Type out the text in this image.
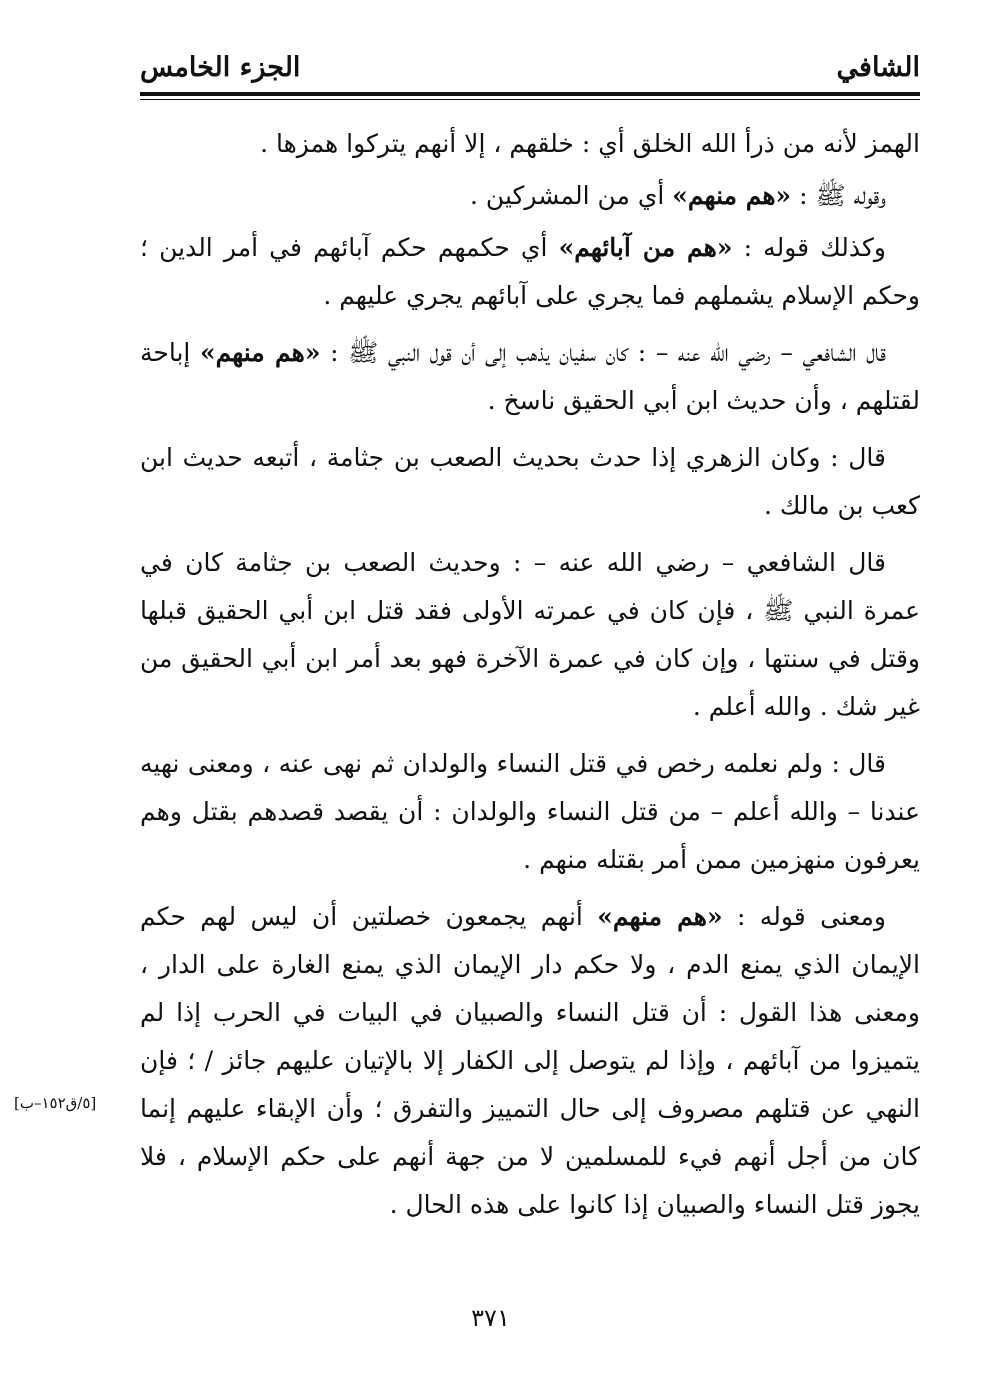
الشافي
الجزء الخامس

الهمز لأنه من ذرأ الله الخلق أي : خلقهم ، إلا أنهم يتركوا همزها .

وقوله ﷺ : «هم منهم» أي من المشركين .

وكذلك قوله : «هم من آبائهم» أي حكمهم حكم آبائهم في أمر الدين ؛ وحكم الإسلام يشملهم فما يجري على آبائهم يجري عليهم .

قال الشافعي – رضي الله عنه – : كان سفيان يذهب إلى أن قول النبي ﷺ : «هم منهم» إباحة لقتلهم ، وأن حديث ابن أبي الحقيق ناسخ .

قال : وكان الزهري إذا حدث بحديث الصعب بن جثامة ، أتبعه حديث ابن كعب بن مالك .

قال الشافعي – رضي الله عنه – : وحديث الصعب بن جثامة كان في عمرة النبي ﷺ ، فإن كان في عمرته الأولى فقد قتل ابن أبي الحقيق قبلها وقتل في سنتها ، وإن كان في عمرة الآخرة فهو بعد أمر ابن أبي الحقيق من غير شك . والله أعلم .

قال : ولم نعلمه رخص في قتل النساء والولدان ثم نهى عنه ، ومعنى نهيه عندنا – والله أعلم – من قتل النساء والولدان : أن يقصد قصدهم بقتل وهم يعرفون منهزمين ممن أمر بقتله منهم .

ومعنى قوله : «هم منهم» أنهم يجمعون خصلتين أن ليس لهم حكم الإيمان الذي يمنع الدم ، ولا حكم دار الإيمان الذي يمنع الغارة على الدار ، ومعنى هذا القول : أن قتل النساء والصبيان في البيات في الحرب إذا لم يتميزوا من آبائهم ، وإذا لم يتوصل إلى الكفار إلا بالإتيان عليهم جائز / ؛ فإن النهي عن قتلهم مصروف إلى حال التمييز والتفرق ؛ وأن الإبقاء عليهم إنما كان من أجل أنهم فيء للمسلمين لا من جهة أنهم على حكم الإسلام ، فلا يجوز قتل النساء والصبيان إذا كانوا على هذه الحال .

[٥/ق١٥٢–ب]
٣٧١
